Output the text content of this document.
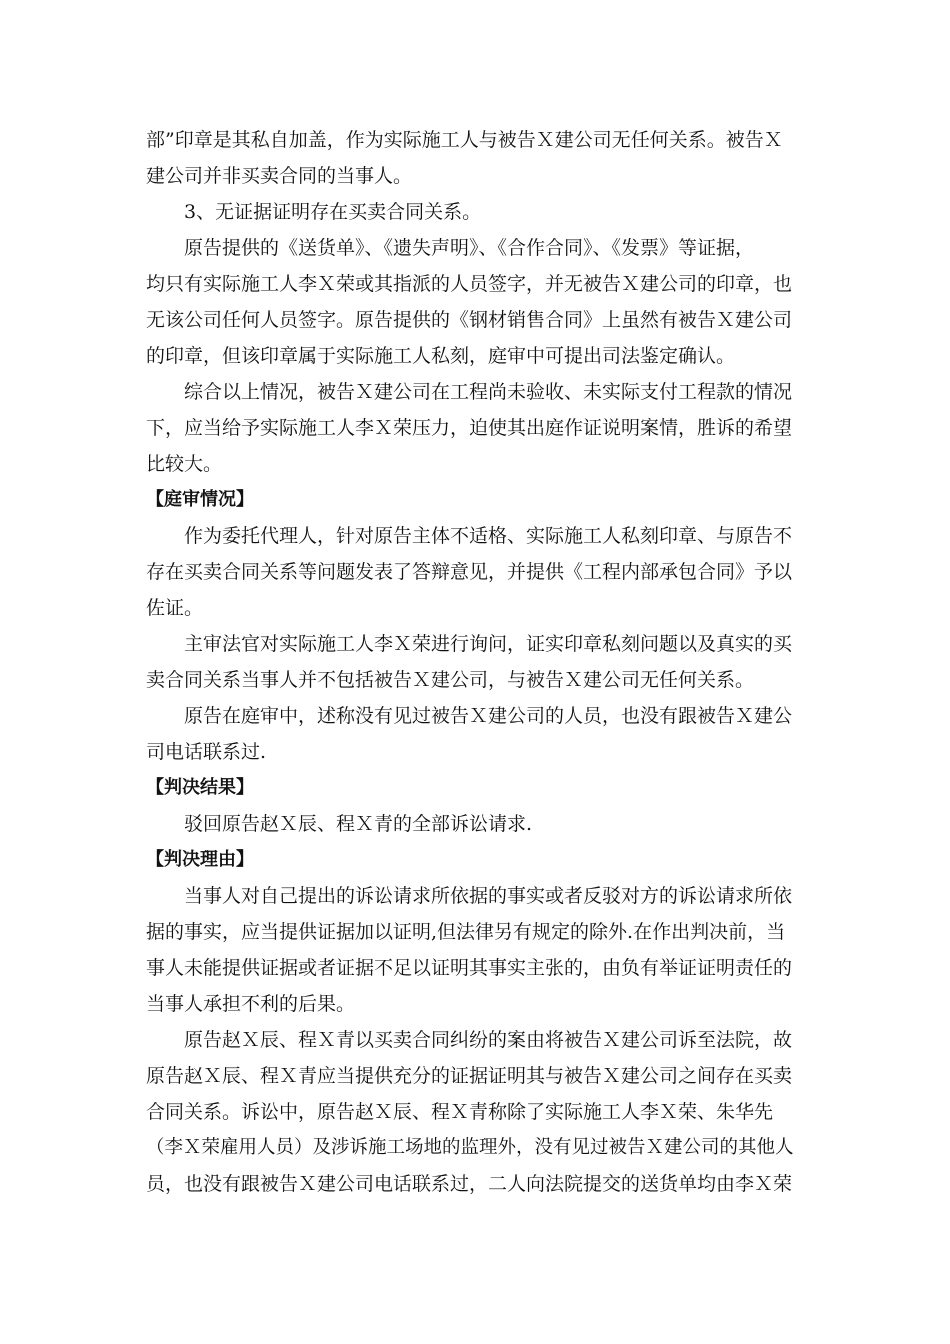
部”印章是其私自加盖，作为实际施工人与被告Ｘ建公司无任何关系。被告Ｘ
建公司并非买卖合同的当事人。
3、无证据证明存在买卖合同关系。
原告提供的《送货单》、《遗失声明》、《合作合同》、《发票》等证据，
均只有实际施工人李Ｘ荣或其指派的人员签字，并无被告Ｘ建公司的印章，也
无该公司任何人员签字。原告提供的《钢材销售合同》上虽然有被告Ｘ建公司
的印章，但该印章属于实际施工人私刻，庭审中可提出司法鉴定确认。
综合以上情况，被告Ｘ建公司在工程尚未验收、未实际支付工程款的情况
下，应当给予实际施工人李Ｘ荣压力，迫使其出庭作证说明案情，胜诉的希望
比较大。
【庭审情况】
作为委托代理人，针对原告主体不适格、实际施工人私刻印章、与原告不
存在买卖合同关系等问题发表了答辩意见，并提供《工程内部承包合同》予以
佐证。
主审法官对实际施工人李Ｘ荣进行询问，证实印章私刻问题以及真实的买
卖合同关系当事人并不包括被告Ｘ建公司，与被告Ｘ建公司无任何关系。
原告在庭审中，述称没有见过被告Ｘ建公司的人员，也没有跟被告Ｘ建公
司电话联系过.
【判决结果】
驳回原告赵Ｘ辰、程Ｘ青的全部诉讼请求.
【判决理由】
当事人对自己提出的诉讼请求所依据的事实或者反驳对方的诉讼请求所依
据的事实，应当提供证据加以证明,但法律另有规定的除外.在作出判决前，当
事人未能提供证据或者证据不足以证明其事实主张的，由负有举证证明责任的
当事人承担不利的后果。
原告赵Ｘ辰、程Ｘ青以买卖合同纠纷的案由将被告Ｘ建公司诉至法院，故
原告赵Ｘ辰、程Ｘ青应当提供充分的证据证明其与被告Ｘ建公司之间存在买卖
合同关系。诉讼中，原告赵Ｘ辰、程Ｘ青称除了实际施工人李Ｘ荣、朱华先
（李Ｘ荣雇用人员）及涉诉施工场地的监理外，没有见过被告Ｘ建公司的其他人
员，也没有跟被告Ｘ建公司电话联系过，二人向法院提交的送货单均由李Ｘ荣
